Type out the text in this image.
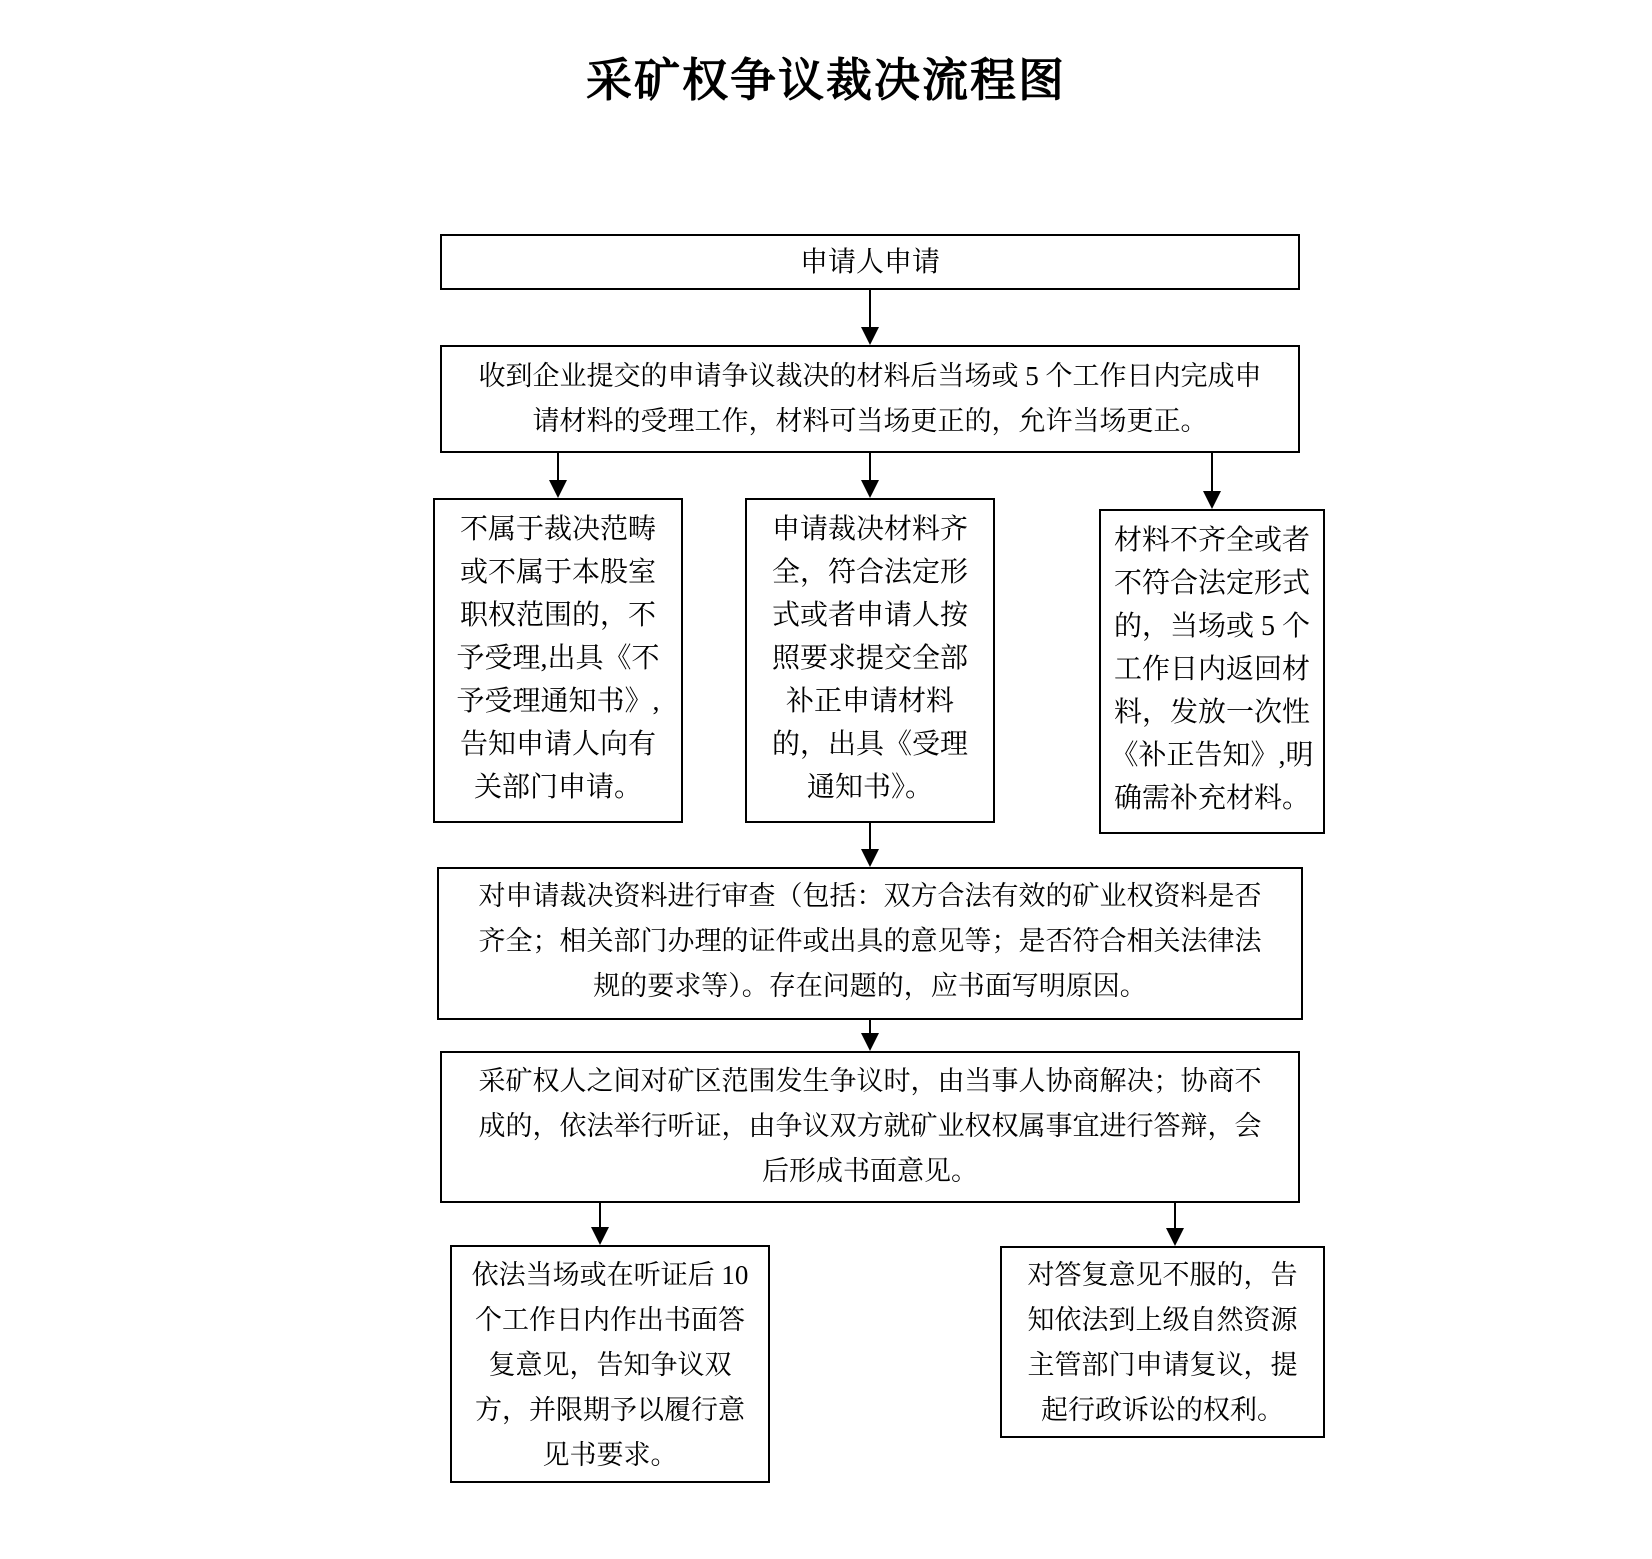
采矿权争议裁决流程图
申请人申请
收到企业提交的申请争议裁决的材料后当场或 5 个工作日内完成申请材料的受理工作，材料可当场更正的，允许当场更正。
不属于裁决范畴或不属于本股室职权范围的，不予受理,出具《不予受理通知书》,告知申请人向有关部门申请。
申请裁决材料齐全，符合法定形式或者申请人按照要求提交全部补正申请材料的，出具《受理通知书》。
材料不齐全或者不符合法定形式的，当场或 5 个工作日内返回材料，发放一次性《补正告知》,明确需补充材料。
对申请裁决资料进行审查（包括：双方合法有效的矿业权资料是否齐全；相关部门办理的证件或出具的意见等；是否符合相关法律法规的要求等）。存在问题的，应书面写明原因。
采矿权人之间对矿区范围发生争议时，由当事人协商解决；协商不成的，依法举行听证，由争议双方就矿业权权属事宜进行答辩，会后形成书面意见。
依法当场或在听证后 10 个工作日内作出书面答复意见，告知争议双方，并限期予以履行意见书要求。
对答复意见不服的，告知依法到上级自然资源主管部门申请复议，提起行政诉讼的权利。
